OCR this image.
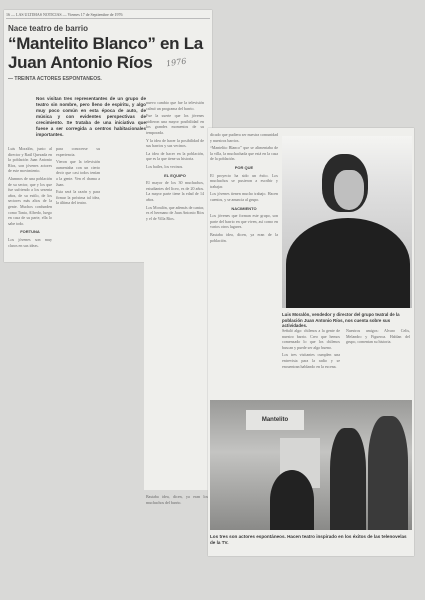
16 — LAS ULTIMAS NOTICIAS — Viernes 17 de Septiembre de 1976
Nace teatro de barrio
“Mantelito Blanco” en La Juan Antonio Ríos	1976
— TREINTA ACTORES ESPONTANEOS.
Nos visitan tres representantes de un grupo de teatro sin nombre, pero lleno de espíritu, y algo muy poco común en esta época de auto, de música y con evidentes perspectivas de crecimiento. Se trataba de una iniciativa que fuese a ser corregida a centros habitacionales importantes.

Luis Moralón, junto al director y Raúl Quezada en la población Juan Antonio Ríos, son jóvenes actores de este movimiento.

Alumnos de una población de su sector, que y los que fue sufriendo a los sesenta años, de su estilo, de los sectores más altos de la gente. Muchos confunden como Tania, Alfredo, luego en casa de su parte, ella lo sabe todo.

FORTUNA

Los jóvenes son muy claros en sus ideas.

para conocerse su experiencia.

Vieron que la televisión aumentaba con un cierto decir que casi todos tenían a la gente. Ven el drama a Juan.

Esta será la razón y para firmar la próxima tal idea, la última del teatro.

nuevo cambio que fue la televisión calmó un programa del barrio.

Fue la suerte que los jóvenes pidieron una mayor posibilidad en los grandes momentos de su temporada.

Y la idea de hacer la posibilidad de sus barrios y sus vecinos.

La idea de hacer en la población, que es la que tiene su historia.

Los bailes, los vecinos.

EL EQUIPO

El mayor de los 30 muchachos, estudiantes del liceo, es de 20 años. La mayor parte tiene la edad de 14 años.

Los Moralón, que además de cantar, es el hermano de Juan Antonio Ríos y el de Villa Ríos.

dicado que pudiera ser nuestra comunidad y nuestros barrios.

“Mantelito Blanco” que se alimentaba de la villa, la muchachada que está en la casa de la población.

POR QUE

El proyecto ha sido un éxito. Los muchachos se pusieron a escribir y trabajar.

Los jóvenes tienen mucho trabajo. Hacen cuentos, y se anuncia al grupo.

NACIMIENTO

Los jóvenes que forman este grupo, son parte del barrio en que viven, así como en varios otros lugares.

Bastaba idea, dicen, ya eran de la población.

Luis Moralón, vendedor y director del grupo teatral de la población Juan Antonio Ríos, nos cuenta sobre sus actividades.

Señaló algo: chilenos a la gente de nuestro barrio. Creo que hemos comenzado lo que los chilenos buscan y puede ser algo bueno.

Los tres visitantes cumplen una entrevista para la radio y se encuentran hablando en la escena.

Nuestros amigos: Alvaro Celis, Melandro y Figueroa. Hablan del grupo, comentan su historia.

Mantelito
Los tres son actores espontáneos. Hacen teatro inspirado en los éxitos de las telenovelas de la TV.
Bastaba idea, dicen, ya eran los muchachos del barrio.
